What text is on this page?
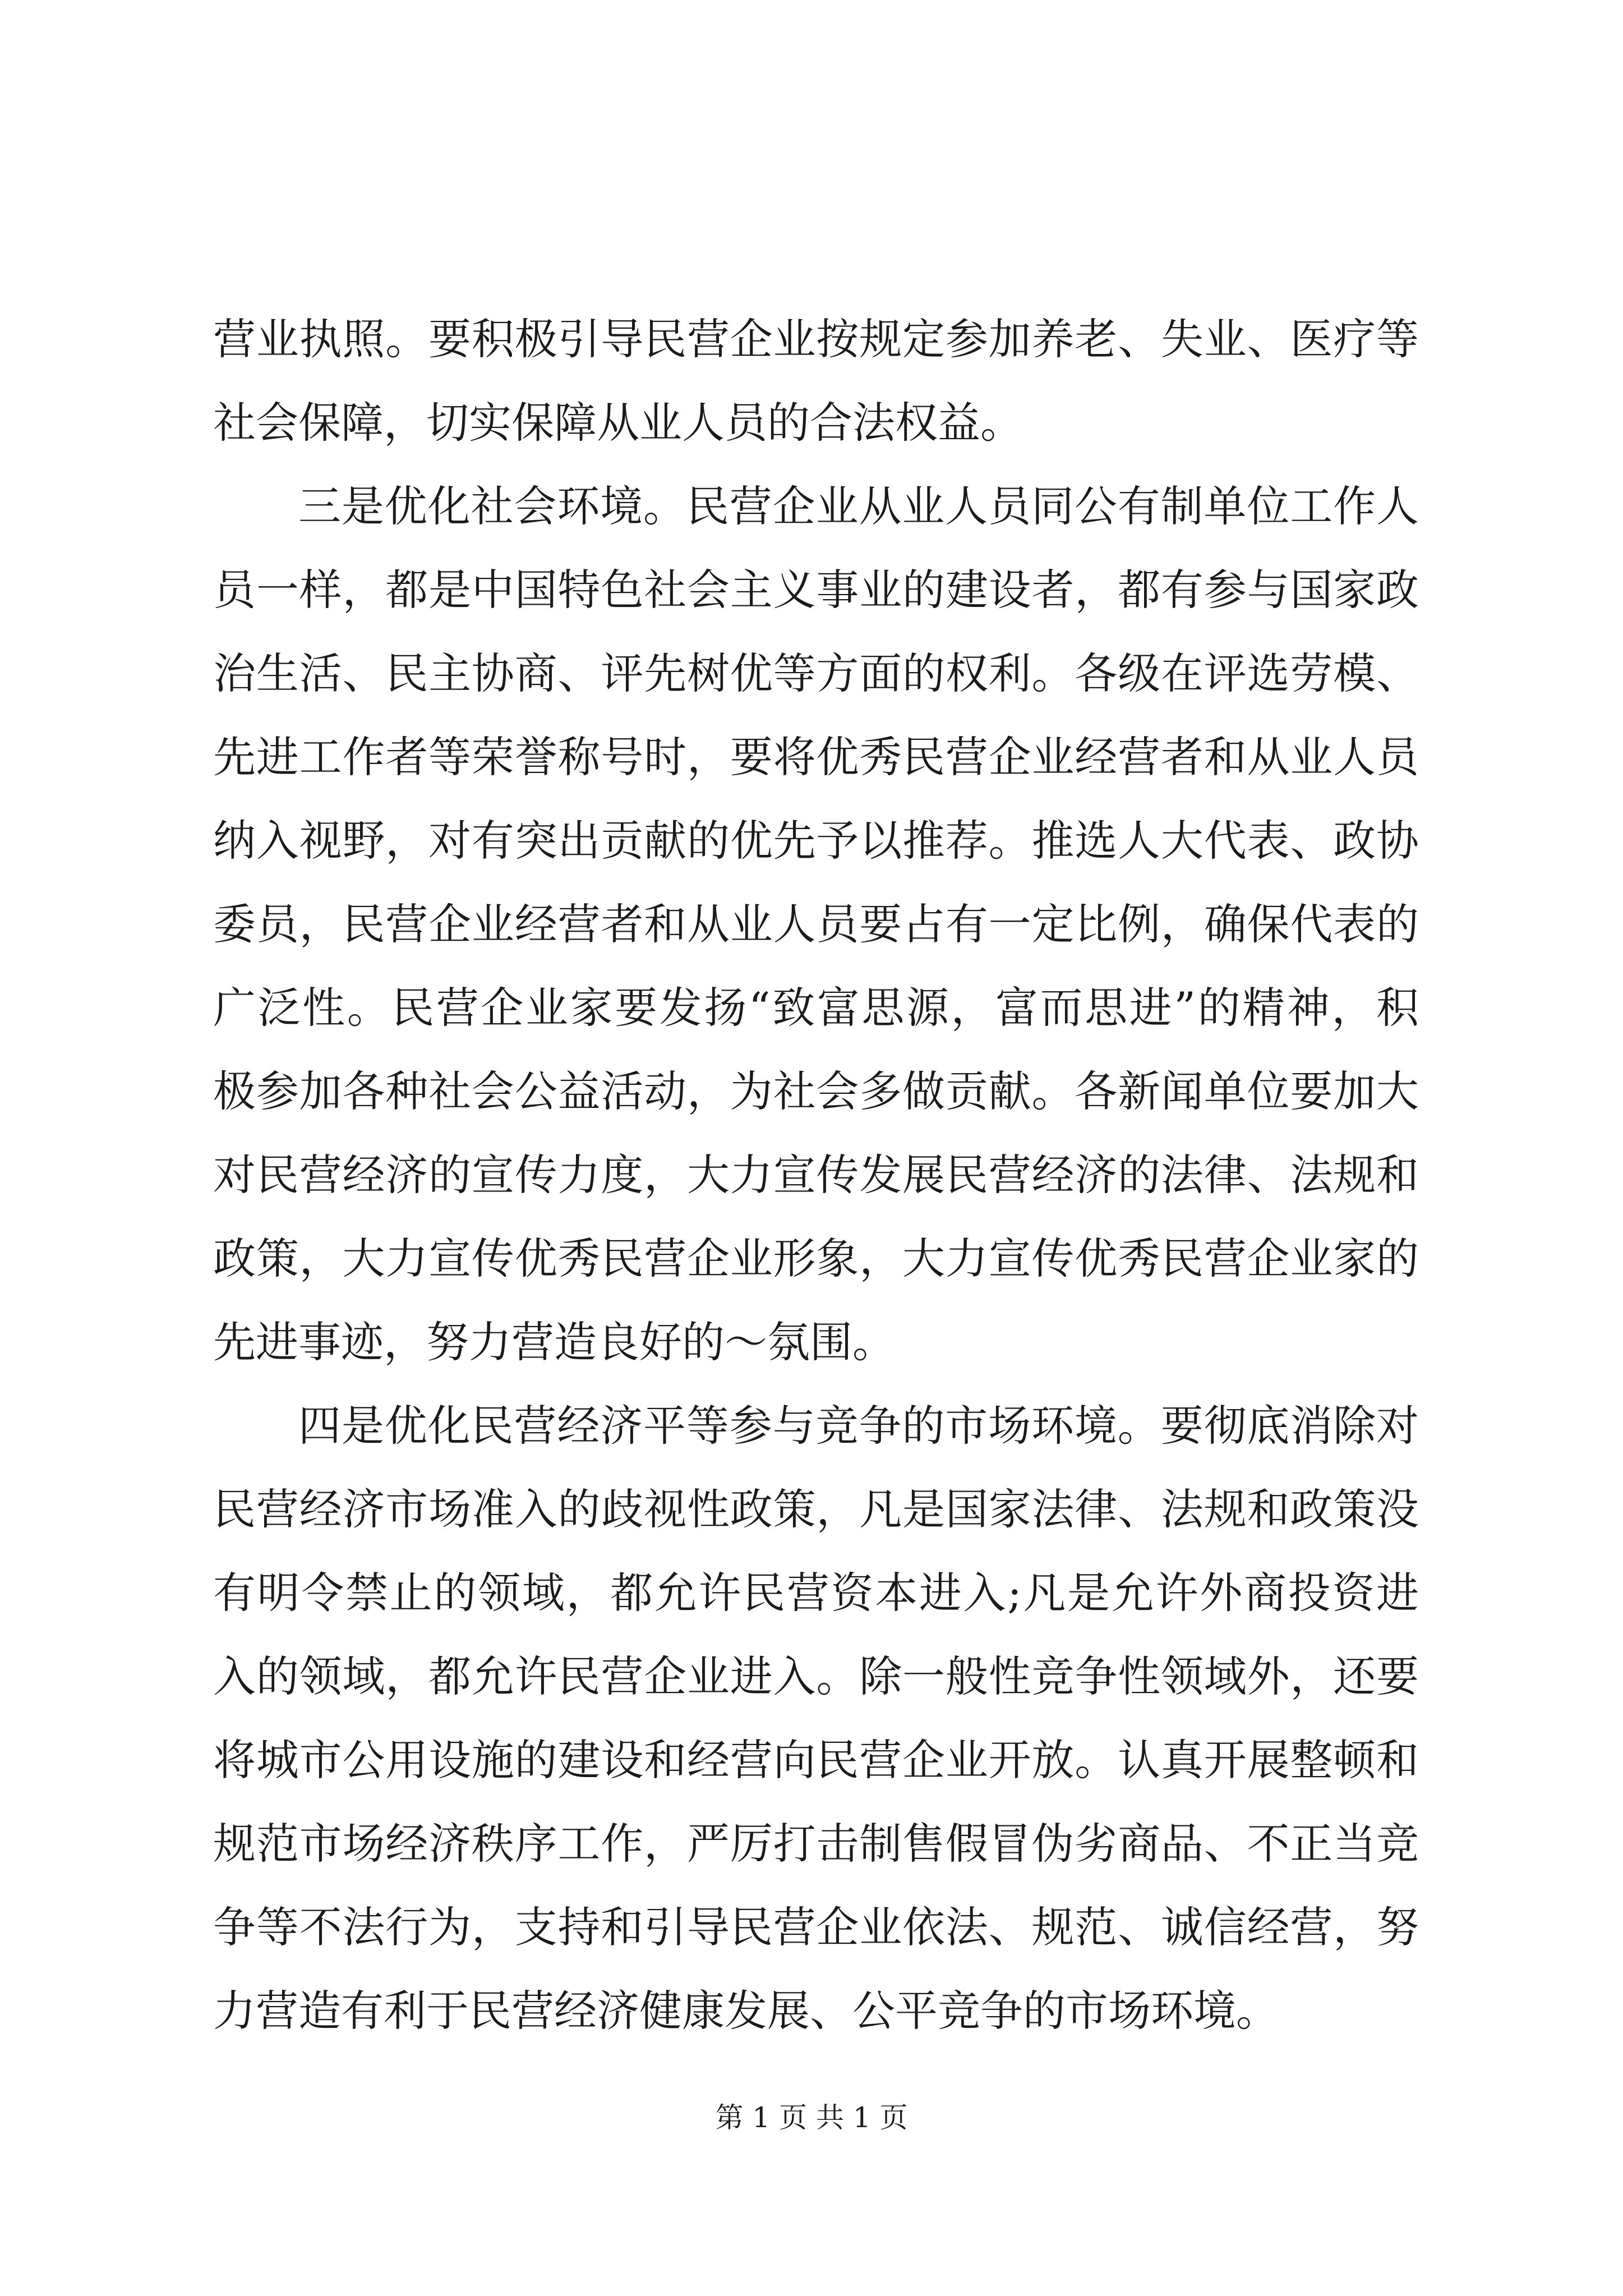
营业执照。要积极引导民营企业按规定参加养老、失业、医疗等
社会保障，切实保障从业人员的合法权益。
三是优化社会环境。民营企业从业人员同公有制单位工作人
员一样，都是中国特色社会主义事业的建设者，都有参与国家政
治生活、民主协商、评先树优等方面的权利。各级在评选劳模、
先进工作者等荣誉称号时，要将优秀民营企业经营者和从业人员
纳入视野，对有突出贡献的优先予以推荐。推选人大代表、政协
委员，民营企业经营者和从业人员要占有一定比例，确保代表的
广泛性。民营企业家要发扬“致富思源，富而思进”的精神，积
极参加各种社会公益活动，为社会多做贡献。各新闻单位要加大
对民营经济的宣传力度，大力宣传发展民营经济的法律、法规和
政策，大力宣传优秀民营企业形象，大力宣传优秀民营企业家的
先进事迹，努力营造良好的～氛围。
四是优化民营经济平等参与竞争的市场环境。要彻底消除对
民营经济市场准入的歧视性政策，凡是国家法律、法规和政策没
有明令禁止的领域，都允许民营资本进入;凡是允许外商投资进
入的领域，都允许民营企业进入。除一般性竞争性领域外，还要
将城市公用设施的建设和经营向民营企业开放。认真开展整顿和
规范市场经济秩序工作，严厉打击制售假冒伪劣商品、不正当竞
争等不法行为，支持和引导民营企业依法、规范、诚信经营，努
力营造有利于民营经济健康发展、公平竞争的市场环境。
第 1 页 共 1 页
